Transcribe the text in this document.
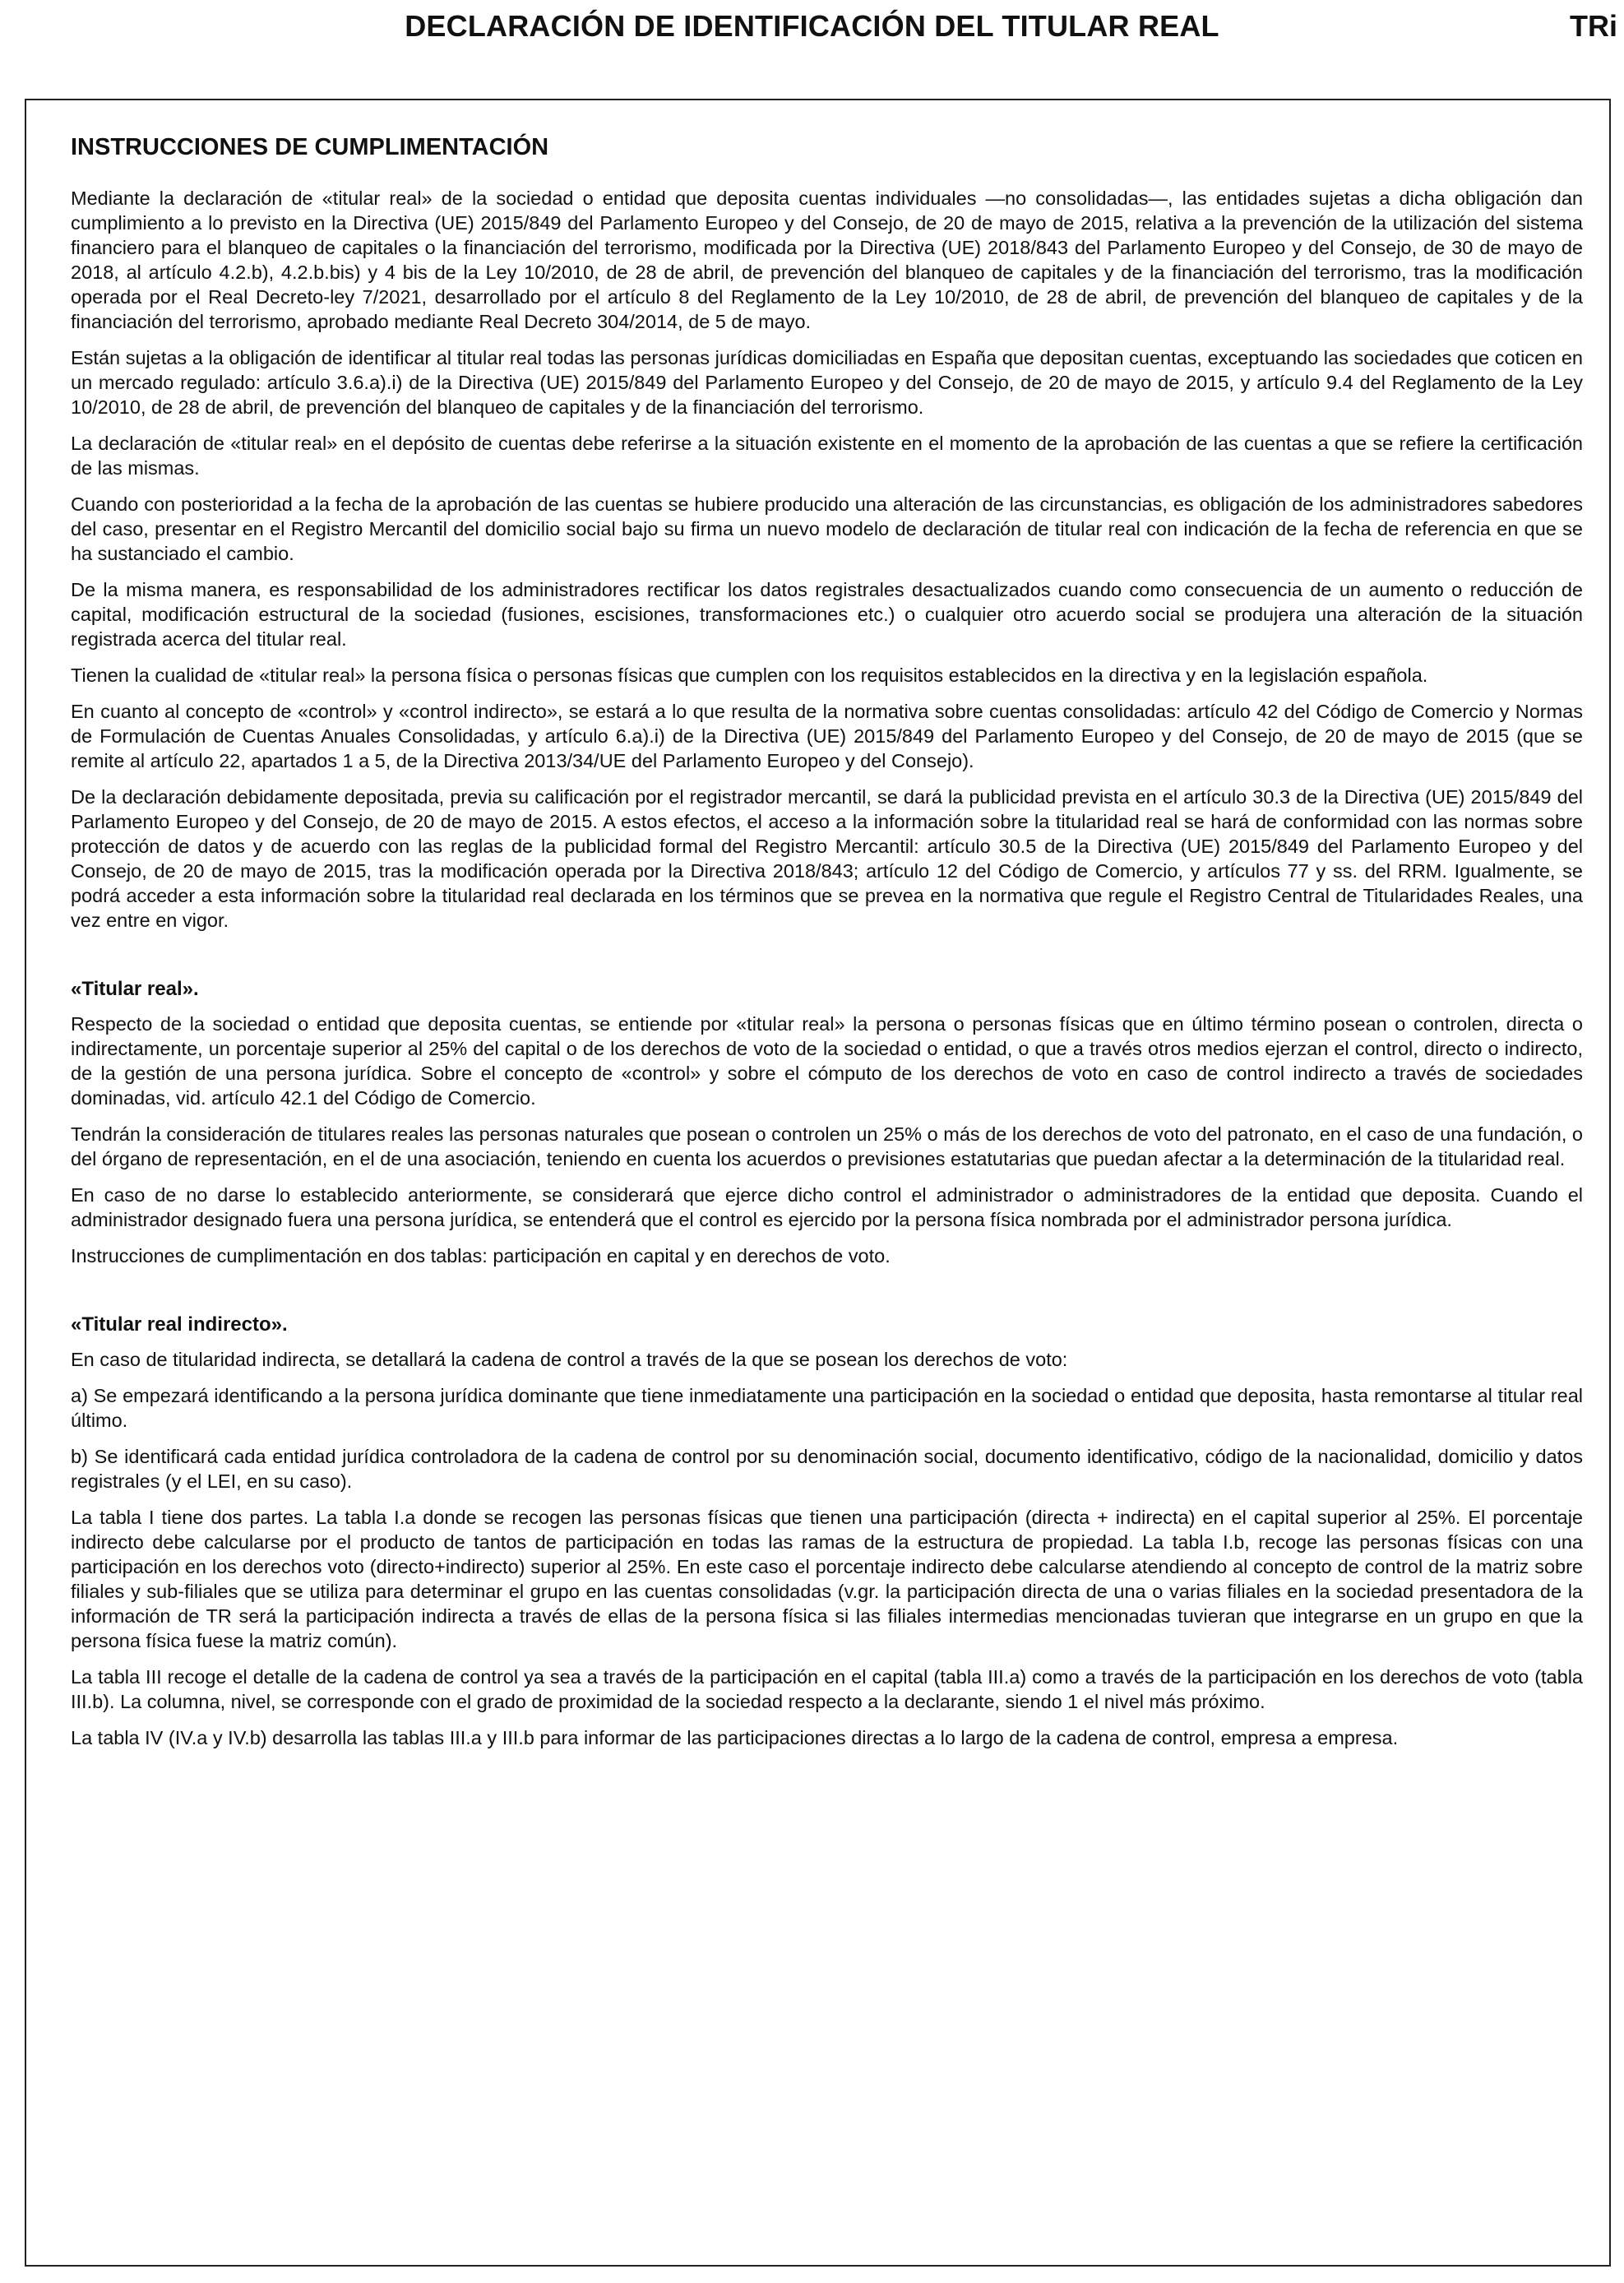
DECLARACIÓN DE IDENTIFICACIÓN DEL TITULAR REAL	TRi
INSTRUCCIONES DE CUMPLIMENTACIÓN

Mediante la declaración de «titular real» de la sociedad o entidad que deposita cuentas individuales —no consolidadas—, las entidades sujetas a dicha obligación dan cumplimiento a lo previsto en la Directiva (UE) 2015/849 del Parlamento Europeo y del Consejo, de 20 de mayo de 2015, relativa a la prevención de la utilización del sistema financiero para el blanqueo de capitales o la financiación del terrorismo, modificada por la Directiva (UE) 2018/843 del Parlamento Europeo y del Consejo, de 30 de mayo de 2018, al artículo 4.2.b), 4.2.b.bis) y 4 bis de la Ley 10/2010, de 28 de abril, de prevención del blanqueo de capitales y de la financiación del terrorismo, tras la modificación operada por el Real Decreto-ley 7/2021, desarrollado por el artículo 8 del Reglamento de la Ley 10/2010, de 28 de abril, de prevención del blanqueo de capitales y de la financiación del terrorismo, aprobado mediante Real Decreto 304/2014, de 5 de mayo.

Están sujetas a la obligación de identificar al titular real todas las personas jurídicas domiciliadas en España que depositan cuentas, exceptuando las sociedades que coticen en un mercado regulado: artículo 3.6.a).i) de la Directiva (UE) 2015/849 del Parlamento Europeo y del Consejo, de 20 de mayo de 2015, y artículo 9.4 del Reglamento de la Ley 10/2010, de 28 de abril, de prevención del blanqueo de capitales y de la financiación del terrorismo.

La declaración de «titular real» en el depósito de cuentas debe referirse a la situación existente en el momento de la aprobación de las cuentas a que se refiere la certificación de las mismas.

Cuando con posterioridad a la fecha de la aprobación de las cuentas se hubiere producido una alteración de las circunstancias, es obligación de los administradores sabedores del caso, presentar en el Registro Mercantil del domicilio social bajo su firma un nuevo modelo de declaración de titular real con indicación de la fecha de referencia en que se ha sustanciado el cambio.

De la misma manera, es responsabilidad de los administradores rectificar los datos registrales desactualizados cuando como consecuencia de un aumento o reducción de capital, modificación estructural de la sociedad (fusiones, escisiones, transformaciones etc.) o cualquier otro acuerdo social se produjera una alteración de la situación registrada acerca del titular real.

Tienen la cualidad de «titular real» la persona física o personas físicas que cumplen con los requisitos establecidos en la directiva y en la legislación española.

En cuanto al concepto de «control» y «control indirecto», se estará a lo que resulta de la normativa sobre cuentas consolidadas: artículo 42 del Código de Comercio y Normas de Formulación de Cuentas Anuales Consolidadas, y artículo 6.a).i) de la Directiva (UE) 2015/849 del Parlamento Europeo y del Consejo, de 20 de mayo de 2015 (que se remite al artículo 22, apartados 1 a 5, de la Directiva 2013/34/UE del Parlamento Europeo y del Consejo).

De la declaración debidamente depositada, previa su calificación por el registrador mercantil, se dará la publicidad prevista en el artículo 30.3 de la Directiva (UE) 2015/849 del Parlamento Europeo y del Consejo, de 20 de mayo de 2015. A estos efectos, el acceso a la información sobre la titularidad real se hará de conformidad con las normas sobre protección de datos y de acuerdo con las reglas de la publicidad formal del Registro Mercantil: artículo 30.5 de la Directiva (UE) 2015/849 del Parlamento Europeo y del Consejo, de 20 de mayo de 2015, tras la modificación operada por la Directiva 2018/843; artículo 12 del Código de Comercio, y artículos 77 y ss. del RRM. Igualmente, se podrá acceder a esta información sobre la titularidad real declarada en los términos que se prevea en la normativa que regule el Registro Central de Titularidades Reales, una vez entre en vigor.

«Titular real».

Respecto de la sociedad o entidad que deposita cuentas, se entiende por «titular real» la persona o personas físicas que en último término posean o controlen, directa o indirectamente, un porcentaje superior al 25% del capital o de los derechos de voto de la sociedad o entidad, o que a través otros medios ejerzan el control, directo o indirecto, de la gestión de una persona jurídica. Sobre el concepto de «control» y sobre el cómputo de los derechos de voto en caso de control indirecto a través de sociedades dominadas, vid. artículo 42.1 del Código de Comercio.

Tendrán la consideración de titulares reales las personas naturales que posean o controlen un 25% o más de los derechos de voto del patronato, en el caso de una fundación, o del órgano de representación, en el de una asociación, teniendo en cuenta los acuerdos o previsiones estatutarias que puedan afectar a la determinación de la titularidad real.

En caso de no darse lo establecido anteriormente, se considerará que ejerce dicho control el administrador o administradores de la entidad que deposita. Cuando el administrador designado fuera una persona jurídica, se entenderá que el control es ejercido por la persona física nombrada por el administrador persona jurídica.

Instrucciones de cumplimentación en dos tablas: participación en capital y en derechos de voto.

«Titular real indirecto».

En caso de titularidad indirecta, se detallará la cadena de control a través de la que se posean los derechos de voto:

a) Se empezará identificando a la persona jurídica dominante que tiene inmediatamente una participación en la sociedad o entidad que deposita, hasta remontarse al titular real último.

b) Se identificará cada entidad jurídica controladora de la cadena de control por su denominación social, documento identificativo, código de la nacionalidad, domicilio y datos registrales (y el LEI, en su caso).

La tabla I tiene dos partes. La tabla I.a donde se recogen las personas físicas que tienen una participación (directa + indirecta) en el capital superior al 25%. El porcentaje indirecto debe calcularse por el producto de tantos de participación en todas las ramas de la estructura de propiedad. La tabla I.b, recoge las personas físicas con una participación en los derechos voto (directo+indirecto) superior al 25%. En este caso el porcentaje indirecto debe calcularse atendiendo al concepto de control de la matriz sobre filiales y sub-filiales que se utiliza para determinar el grupo en las cuentas consolidadas (v.gr. la participación directa de una o varias filiales en la sociedad presentadora de la información de TR será la participación indirecta a través de ellas de la persona física si las filiales intermedias mencionadas tuvieran que integrarse en un grupo en que la persona física fuese la matriz común).

La tabla III recoge el detalle de la cadena de control ya sea a través de la participación en el capital (tabla III.a) como a través de la participación en los derechos de voto (tabla III.b). La columna, nivel, se corresponde con el grado de proximidad de la sociedad respecto a la declarante, siendo 1 el nivel más próximo.

La tabla IV (IV.a y IV.b) desarrolla las tablas III.a y III.b para informar de las participaciones directas a lo largo de la cadena de control, empresa a empresa.
